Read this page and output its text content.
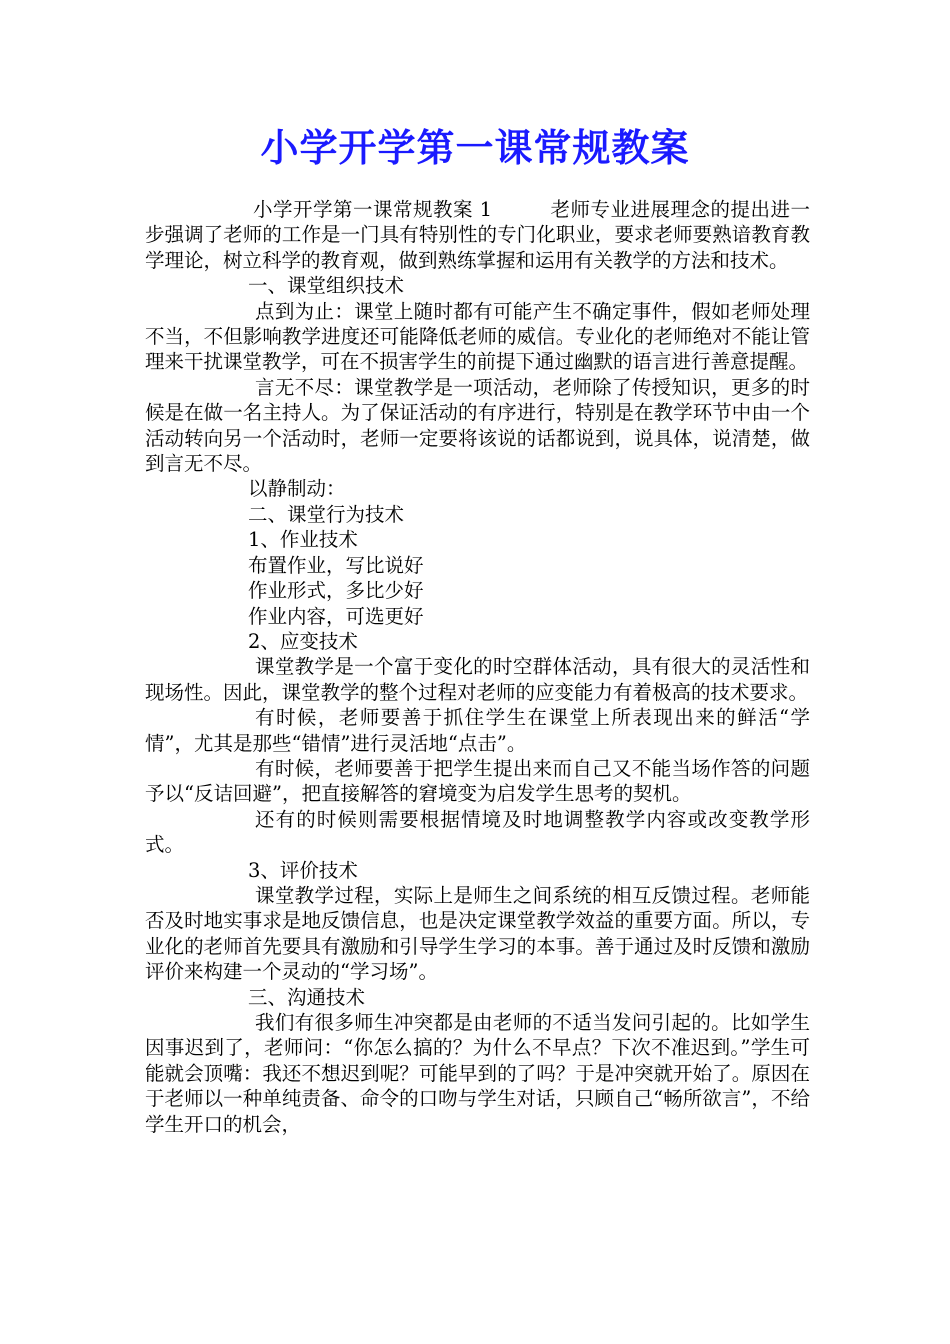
小学开学第一课常规教案

小学开学第一课常规教案 1	老师专业进展理念的提出进一步强调了老师的工作是一门具有特别性的专门化职业，要求老师要熟谙教育教学理论，树立科学的教育观，做到熟练掌握和运用有关教学的方法和技术。

一、课堂组织技术

点到为止：课堂上随时都有可能产生不确定事件，假如老师处理不当，不但影响教学进度还可能降低老师的威信。专业化的老师绝对不能让管理来干扰课堂教学，可在不损害学生的前提下通过幽默的语言进行善意提醒。

言无不尽：课堂教学是一项活动，老师除了传授知识，更多的时候是在做一名主持人。为了保证活动的有序进行，特别是在教学环节中由一个活动转向另一个活动时，老师一定要将该说的话都说到，说具体，说清楚，做到言无不尽。

以静制动：

二、课堂行为技术

1、作业技术

布置作业，写比说好

作业形式，多比少好

作业内容，可选更好

2、应变技术

课堂教学是一个富于变化的时空群体活动，具有很大的灵活性和现场性。因此，课堂教学的整个过程对老师的应变能力有着极高的技术要求。

有时候，老师要善于抓住学生在课堂上所表现出来的鲜活“学情”，尤其是那些“错情”进行灵活地“点击”。

有时候，老师要善于把学生提出来而自己又不能当场作答的问题予以“反诘回避”，把直接解答的窘境变为启发学生思考的契机。

还有的时候则需要根据情境及时地调整教学内容或改变教学形式。

3、评价技术

课堂教学过程，实际上是师生之间系统的相互反馈过程。老师能否及时地实事求是地反馈信息，也是决定课堂教学效益的重要方面。所以，专业化的老师首先要具有激励和引导学生学习的本事。善于通过及时反馈和激励评价来构建一个灵动的“学习场”。

三、沟通技术

我们有很多师生冲突都是由老师的不适当发问引起的。比如学生因事迟到了，老师问：“你怎么搞的？为什么不早点？下次不准迟到。”学生可能就会顶嘴：我还不想迟到呢？可能早到的了吗？于是冲突就开始了。原因在于老师以一种单纯责备、命令的口吻与学生对话，只顾自己“畅所欲言”，不给学生开口的机会，
